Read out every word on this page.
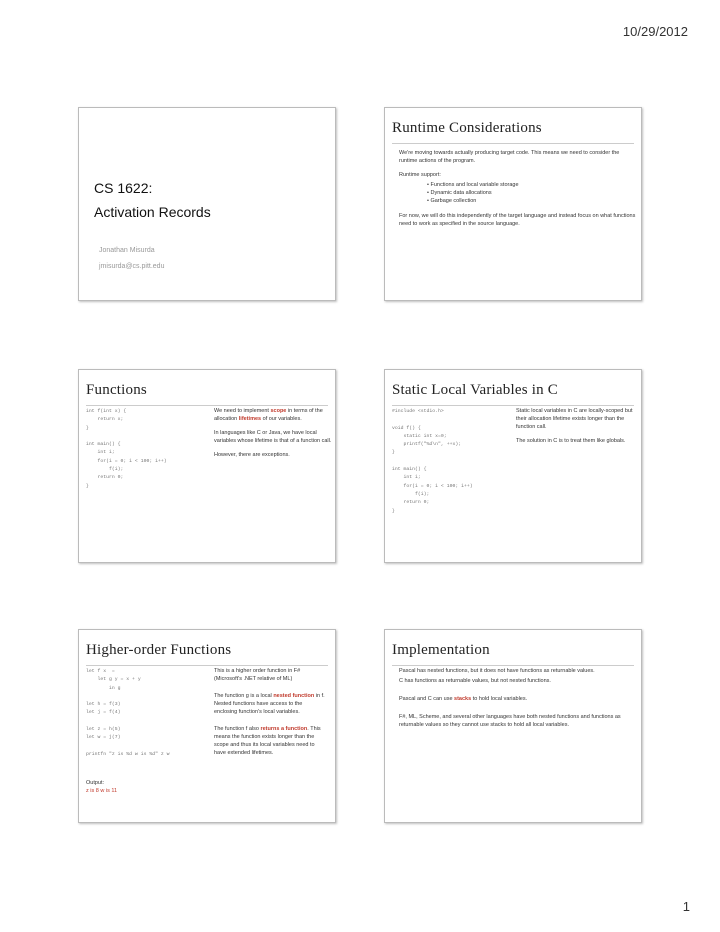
10/29/2012
CS 1622:
Activation Records
Jonathan Misurda
jmisurda@cs.pitt.edu
Runtime Considerations

We're moving towards actually producing target code. This means we need to consider the runtime actions of the program.

Runtime support:

• Functions and local variable storage
• Dynamic data allocations
• Garbage collection

For now, we will do this independently of the target language and instead focus on what functions need to work as specified in the source language.

Functions
int f(int x) {
return x;
}

int main() {
int i;
for(i = 0; i < 100; i++)
f(i);
return 0;
}

We need to implement scope in terms of the allocation lifetimes of our variables.

In languages like C or Java, we have local variables whose lifetime is that of a function call.

However, there are exceptions.

Static Local Variables in C
#include <stdio.h>

void f() {
static int x=0;
printf("%d\n", ++x);
}

int main() {
int i;
for(i = 0; i < 100; i++)
f(i);
return 0;
}

Static local variables in C are locally-scoped but their allocation lifetime exists longer than the function call.

The solution in C is to treat them like globals.

Higher-order Functions
let f x  =
let g y = x + y
in g

let h = f(3)
let j = f(4)

let z = h(5)
let w = j(7)

printfn "z is %d w is %d" z w
Output:
z is 8 w is 11

This is a higher order function in F# (Microsoft's .NET relative of ML)

The function g is a local nested function in f. Nested functions have access to the enclosing function's local variables.

The function f also returns a function. This means the function exists longer than the scope and thus its local variables need to have extended lifetimes.

Implementation

Pascal has nested functions, but it does not have functions as returnable values.

C has functions as returnable values, but not nested functions.

Pascal and C can use stacks to hold local variables.

F#, ML, Scheme, and several other languages have both nested functions and functions as returnable values so they cannot use stacks to hold all local variables.

1
